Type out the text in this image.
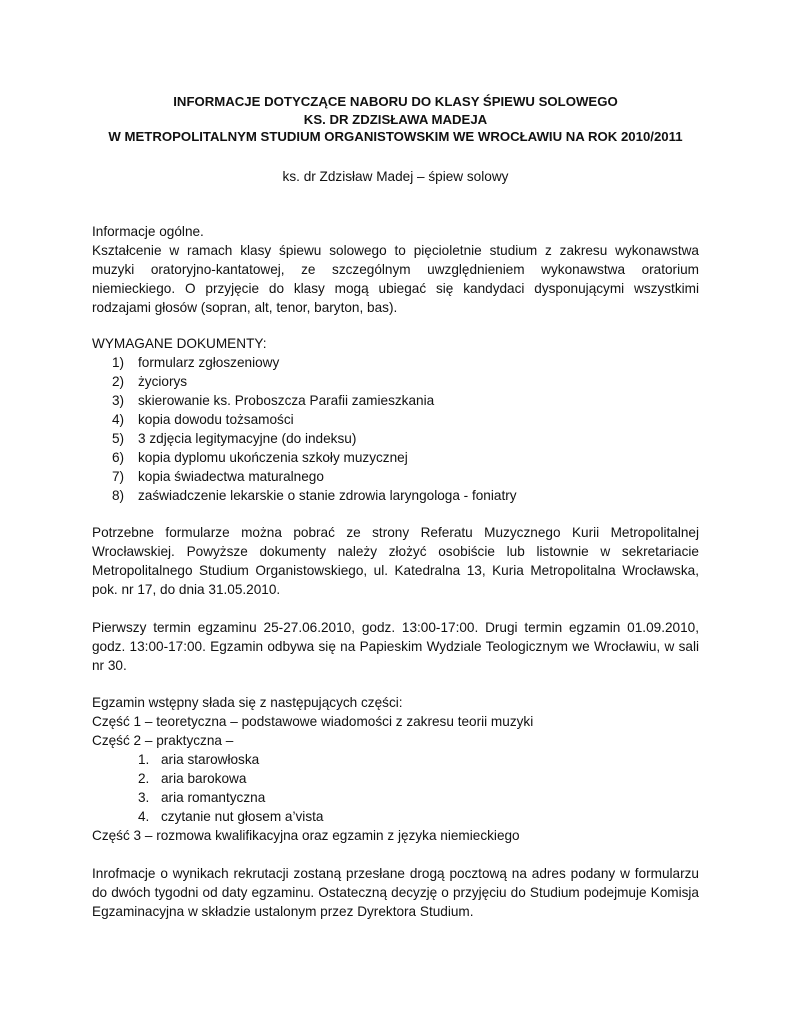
INFORMACJE DOTYCZĄCE NABORU DO KLASY ŚPIEWU SOLOWEGO
KS. DR ZDZISŁAWA MADEJA
W METROPOLITALNYM STUDIUM ORGANISTOWSKIM WE WROCŁAWIU NA ROK 2010/2011
ks. dr Zdzisław Madej – śpiew solowy

Informacje ogólne.

Kształcenie w ramach klasy śpiewu solowego to pięcioletnie studium z zakresu wykonawstwa muzyki oratoryjno-kantatowej, ze szczególnym uwzględnieniem wykonawstwa oratorium niemieckiego. O przyjęcie do klasy mogą ubiegać się kandydaci dysponującymi wszystkimi rodzajami głosów (sopran, alt, tenor, baryton, bas).

WYMAGANE DOKUMENTY:
1) formularz zgłoszeniowy
2) życiorys
3) skierowanie ks. Proboszcza Parafii zamieszkania
4) kopia dowodu tożsamości
5) 3 zdjęcia legitymacyjne (do indeksu)
6) kopia dyplomu ukończenia szkoły muzycznej
7) kopia świadectwa maturalnego
8) zaświadczenie lekarskie o stanie zdrowia laryngologa - foniatry

Potrzebne formularze można pobrać ze strony Referatu Muzycznego Kurii Metropolitalnej Wrocławskiej. Powyższe dokumenty należy złożyć osobiście lub listownie w sekretariacie Metropolitalnego Studium Organistowskiego, ul. Katedralna 13, Kuria Metropolitalna Wrocławska, pok. nr 17, do dnia 31.05.2010.

Pierwszy termin egzaminu 25-27.06.2010, godz. 13:00-17:00. Drugi termin egzamin 01.09.2010, godz. 13:00-17:00. Egzamin odbywa się na Papieskim Wydziale Teologicznym we Wrocławiu, w sali nr 30.

Egzamin wstępny słada się z następujących części:
Część 1 – teoretyczna – podstawowe wiadomości z zakresu teorii muzyki
Część 2 – praktyczna –
1. aria starowłoska
2. aria barokowa
3. aria romantyczna
4. czytanie nut głosem a’vista
Część 3 – rozmowa kwalifikacyjna oraz egzamin z języka niemieckiego

Inrofmacje o wynikach rekrutacji zostaną przesłane drogą pocztową na adres podany w formularzu do dwóch tygodni od daty egzaminu. Ostateczną decyzję o przyjęciu do Studium podejmuje Komisja Egzaminacyjna w składzie ustalonym przez Dyrektora Studium.
